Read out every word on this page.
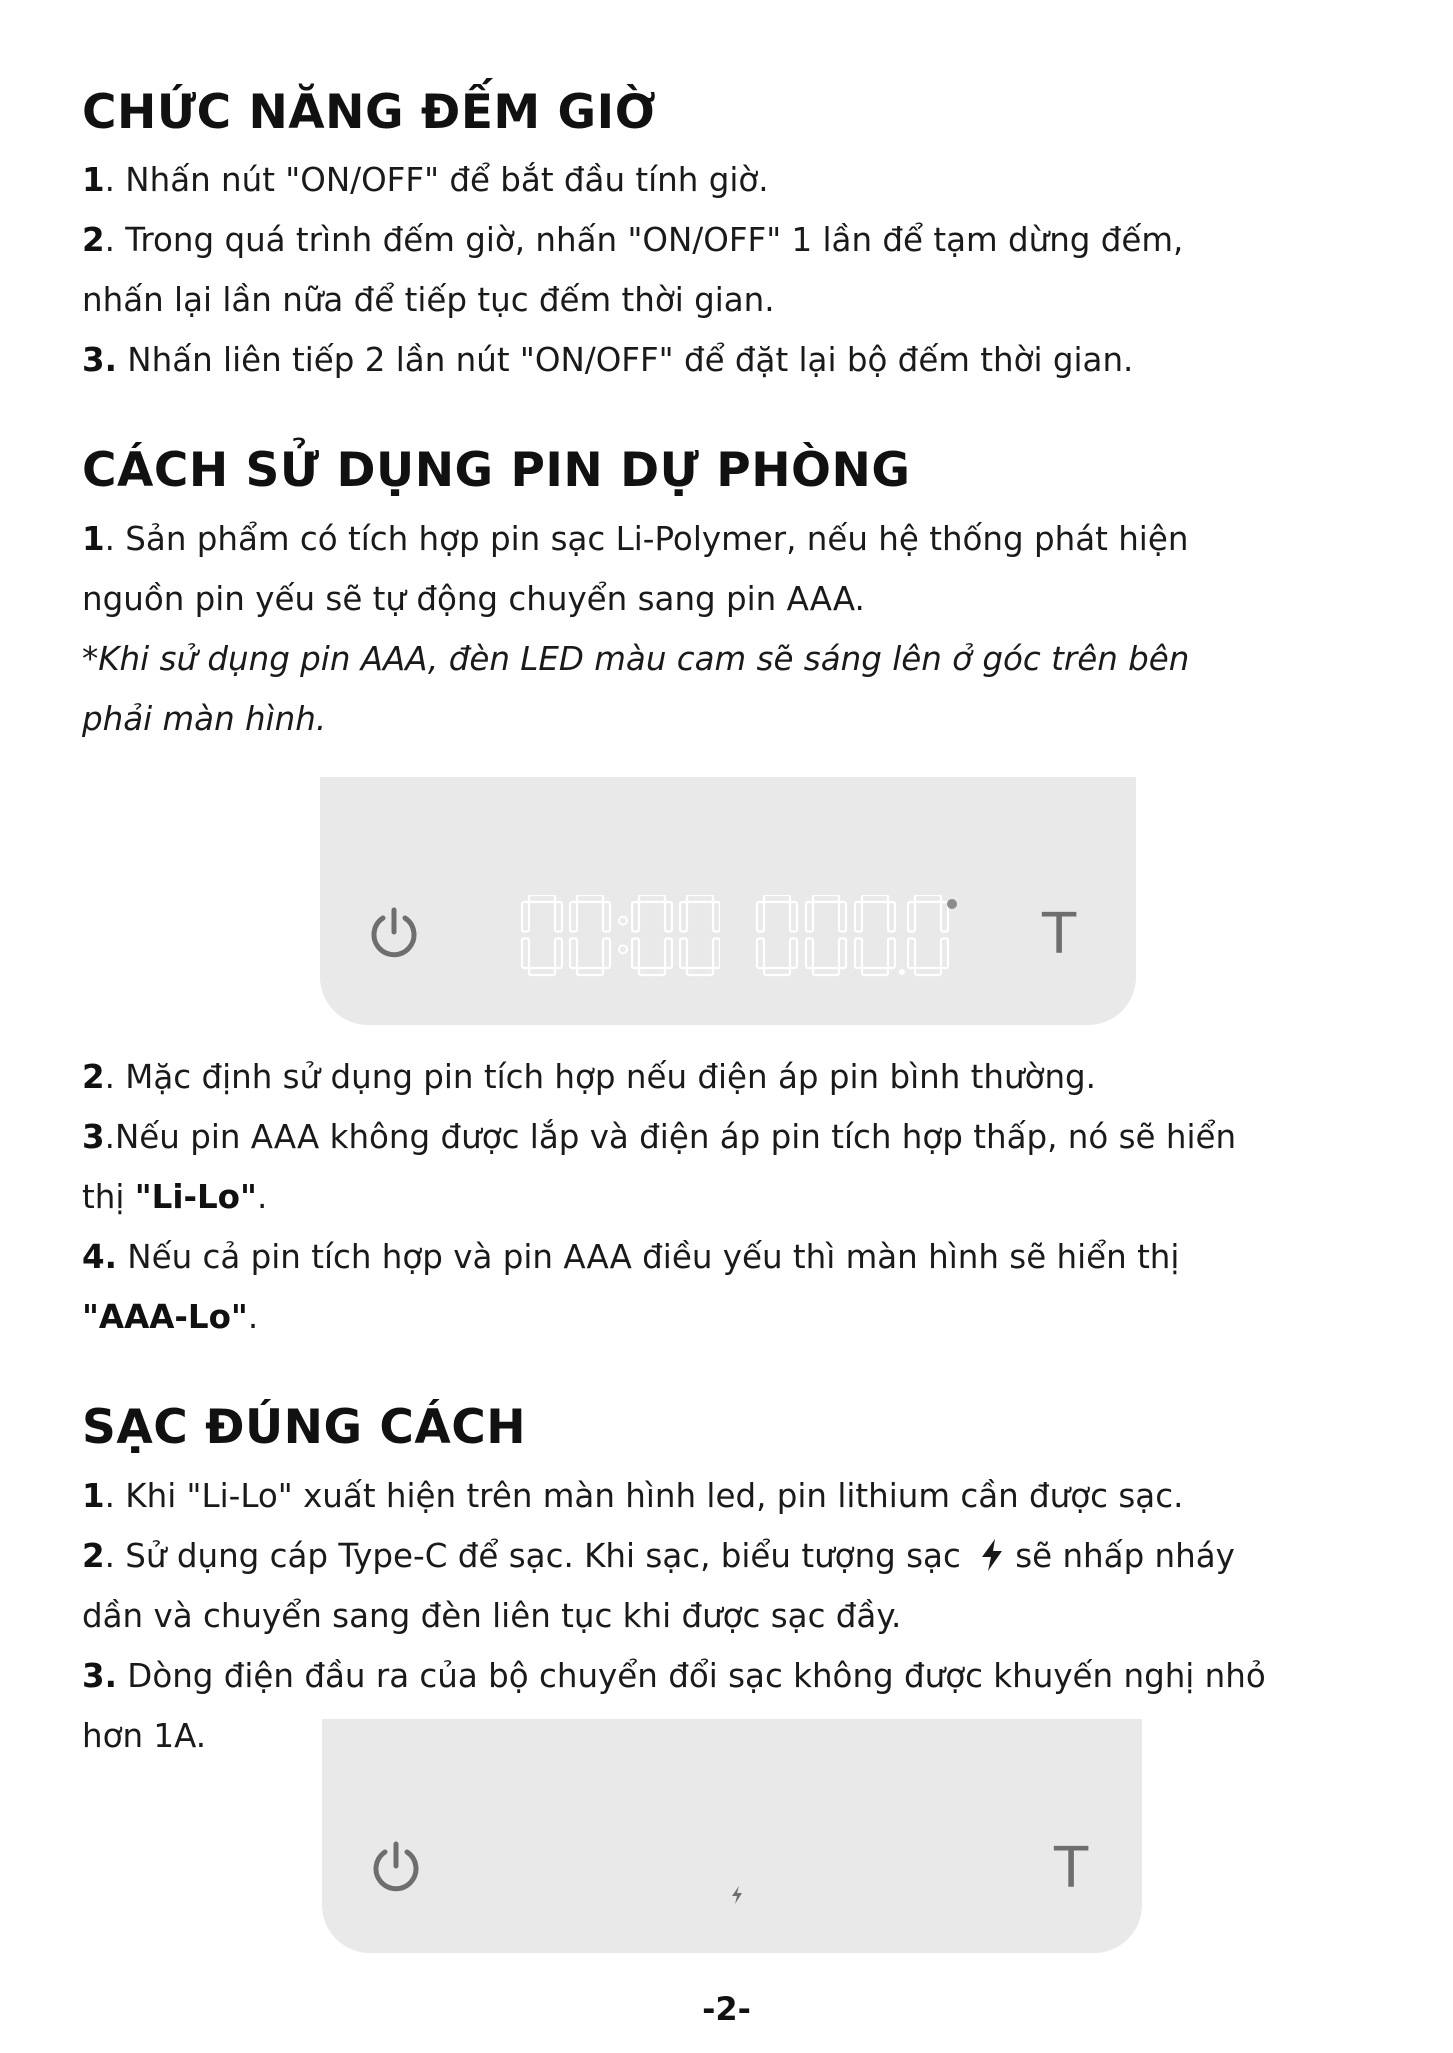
CHỨC NĂNG ĐẾM GIỜ

1. Nhấn nút "ON/OFF" để bắt đầu tính giờ.

2. Trong quá trình đếm giờ, nhấn "ON/OFF" 1 lần để tạm dừng đếm,

nhấn lại lần nữa để tiếp tục đếm thời gian.

3. Nhấn liên tiếp 2 lần nút "ON/OFF" để đặt lại bộ đếm thời gian.

CÁCH SỬ DỤNG PIN DỰ PHÒNG

1. Sản phẩm có tích hợp pin sạc Li-Polymer, nếu hệ thống phát hiện

nguồn pin yếu sẽ tự động chuyển sang pin AAA.

*Khi sử dụng pin AAA, đèn LED màu cam sẽ sáng lên ở góc trên bên

phải màn hình.

2. Mặc định sử dụng pin tích hợp nếu điện áp pin bình thường.

3.Nếu pin AAA không được lắp và điện áp pin tích hợp thấp, nó sẽ hiển

thị "Li-Lo".

4. Nếu cả pin tích hợp và pin AAA điều yếu thì màn hình sẽ hiển thị

"AAA-Lo".

SẠC ĐÚNG CÁCH

1. Khi "Li-Lo" xuất hiện trên màn hình led, pin lithium cần được sạc.

2. Sử dụng cáp Type-C để sạc. Khi sạc, biểu tượng sạc sẽ nhấp nháy

dần và chuyển sang đèn liên tục khi được sạc đầy.

3. Dòng điện đầu ra của bộ chuyển đổi sạc không được khuyến nghị nhỏ

hơn 1A.

T
T
-2-
